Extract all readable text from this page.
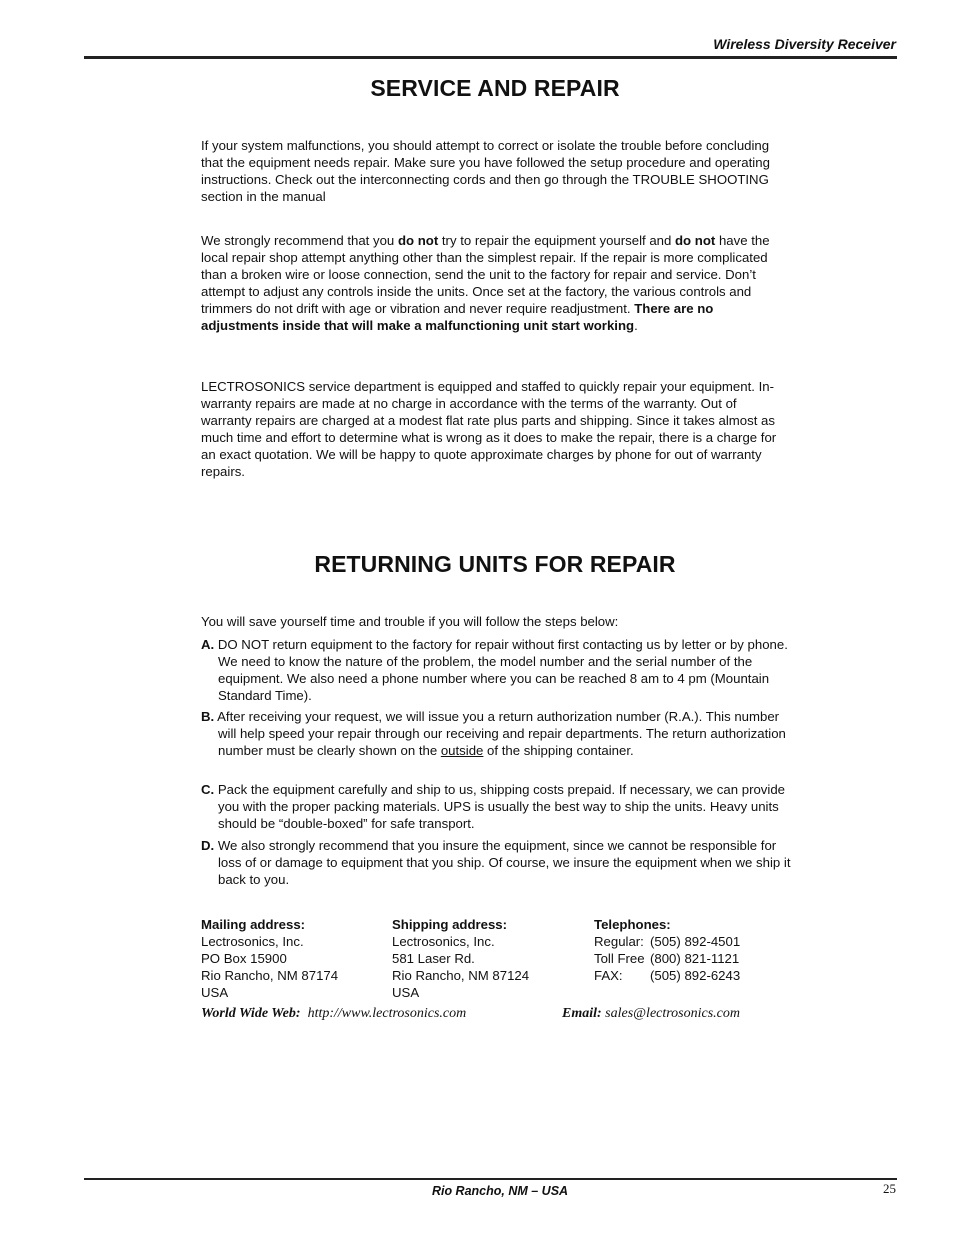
Wireless Diversity Receiver
SERVICE AND REPAIR

If your system malfunctions, you should attempt to correct or isolate the trouble before concluding that the equipment needs repair. Make sure you have followed the setup procedure and operating instructions. Check out the interconnecting cords and then go through the TROUBLE SHOOTING section in the manual

We strongly recommend that you do not try to repair the equipment yourself and do not have the local repair shop attempt anything other than the simplest repair. If the repair is more complicated than a broken wire or loose connection, send the unit to the factory for repair and service. Don’t attempt to adjust any controls inside the units. Once set at the factory, the various controls and trimmers do not drift with age or vibration and never require readjustment. There are no adjustments inside that will make a malfunctioning unit start working.

LECTROSONICS service department is equipped and staffed to quickly repair your equipment. In-warranty repairs are made at no charge in accordance with the terms of the warranty. Out of warranty repairs are charged at a modest flat rate plus parts and shipping. Since it takes almost as much time and effort to determine what is wrong as it does to make the repair, there is a charge for an exact quotation. We will be happy to quote approximate charges by phone for out of warranty repairs.

RETURNING UNITS FOR REPAIR

You will save yourself time and trouble if you will follow the steps below:

A. DO NOT return equipment to the factory for repair without first contacting us by letter or by phone. We need to know the nature of the problem, the model number and the serial number of the equipment. We also need a phone number where you can be reached 8 am to 4 pm (Mountain Standard Time).

B. After receiving your request, we will issue you a return authorization number (R.A.). This number will help speed your repair through our receiving and repair departments. The return authorization number must be clearly shown on the outside of the shipping container.

C. Pack the equipment carefully and ship to us, shipping costs prepaid. If necessary, we can provide you with the proper packing materials. UPS is usually the best way to ship the units. Heavy units should be “double-boxed” for safe transport.

D. We also strongly recommend that you insure the equipment, since we cannot be responsible for loss of or damage to equipment that you ship. Of course, we insure the equipment when we ship it back to you.

Mailing address:
Lectrosonics, Inc.
PO Box 15900
Rio Rancho, NM 87174
USA
Shipping address:
Lectrosonics, Inc.
581 Laser Rd.
Rio Rancho, NM 87124
USA
Telephones:
Regular: (505) 892-4501
Toll Free (800) 821-1121
FAX:	(505) 892-6243
World Wide Web: http://www.lectrosonics.com	Email: sales@lectrosonics.com
Rio Rancho, NM – USA	25
